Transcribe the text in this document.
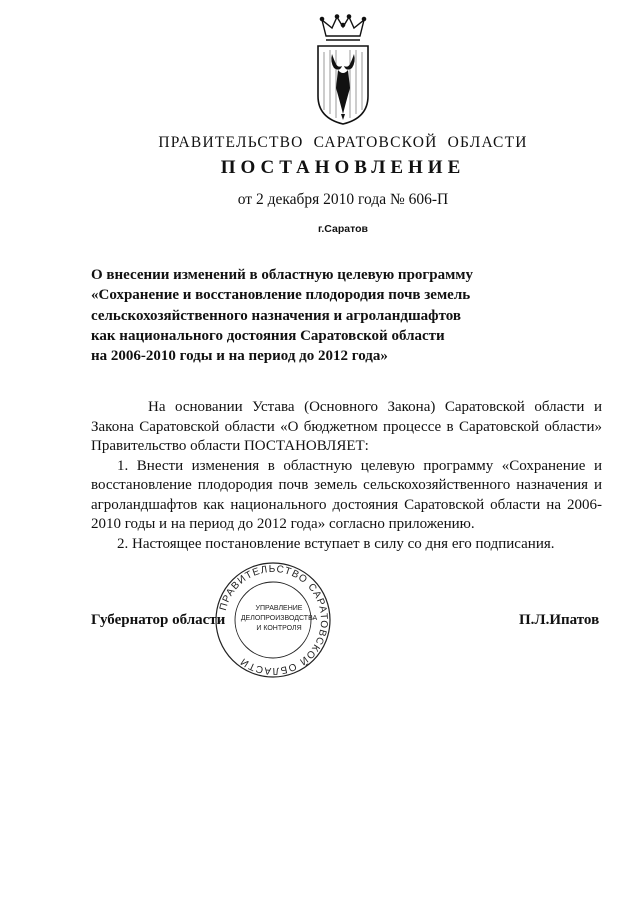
ПРАВИТЕЛЬСТВО САРАТОВСКОЙ ОБЛАСТИ
ПОСТАНОВЛЕНИЕ
от 2 декабря 2010 года № 606-П
г.Саратов
О внесении изменений в областную целевую программу
«Сохранение и восстановление плодородия почв земель
сельскохозяйственного назначения и агроландшафтов
как национального достояния Саратовской области
на 2006-2010 годы и на период до 2012 года»

На основании Устава (Основного Закона) Саратовской области и Закона Саратовской области «О бюджетном процессе в Саратовской области» Правительство области ПОСТАНОВЛЯЕТ:

1. Внести изменения в областную целевую программу «Сохранение и восстановление плодородия почв земель сельскохозяйственного назначения и агроландшафтов как национального достояния Саратовской области на 2006-2010 годы и на период до 2012 года» согласно приложению.

2. Настоящее постановление вступает в силу со дня его подписания.

ПРАВИТЕЛЬСТВО САРАТОВСКОЙ ОБЛАСТИ
УПРАВЛЕНИЕ
ДЕЛОПРОИЗВОДСТВА
И КОНТРОЛЯ
Губернатор области	П.Л.Ипатов
